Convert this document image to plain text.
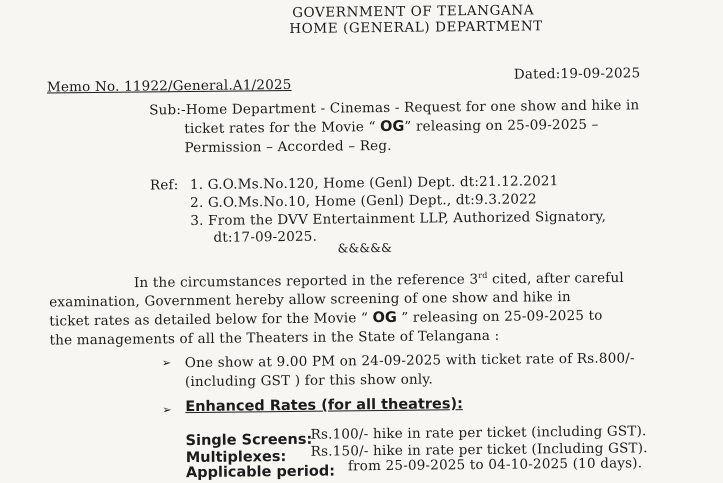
GOVERNMENT OF TELANGANA
HOME (GENERAL) DEPARTMENT
Memo No. 11922/General.A1/2025
Dated:19-09-2025
Sub:-Home Department - Cinemas - Request for one show and hike in
ticket rates for the Movie “ OG” releasing on 25-09-2025 –
Permission – Accorded – Reg.
Ref: 1. G.O.Ms.No.120, Home (Genl) Dept. dt:21.12.2021
2. G.O.Ms.No.10, Home (Genl) Dept., dt:9.3.2022
3. From the DVV Entertainment LLP, Authorized Signatory,
dt:17-09-2025.
&&&&&
In the circumstances reported in the reference 3rd cited, after careful
examination, Government hereby allow screening of one show and hike in
ticket rates as detailed below for the Movie “ OG ” releasing on 25-09-2025 to
the managements of all the Theaters in the State of Telangana :
➢ One show at 9.00 PM on 24-09-2025 with ticket rate of Rs.800/-
(including GST ) for this show only.
➢ Enhanced Rates (for all theatres):
Single Screens:
Rs.100/- hike in rate per ticket (including GST).
Multiplexes: Rs.150/- hike in rate per ticket (Including GST).
Applicable period: from 25-09-2025 to 04-10-2025 (10 days).
